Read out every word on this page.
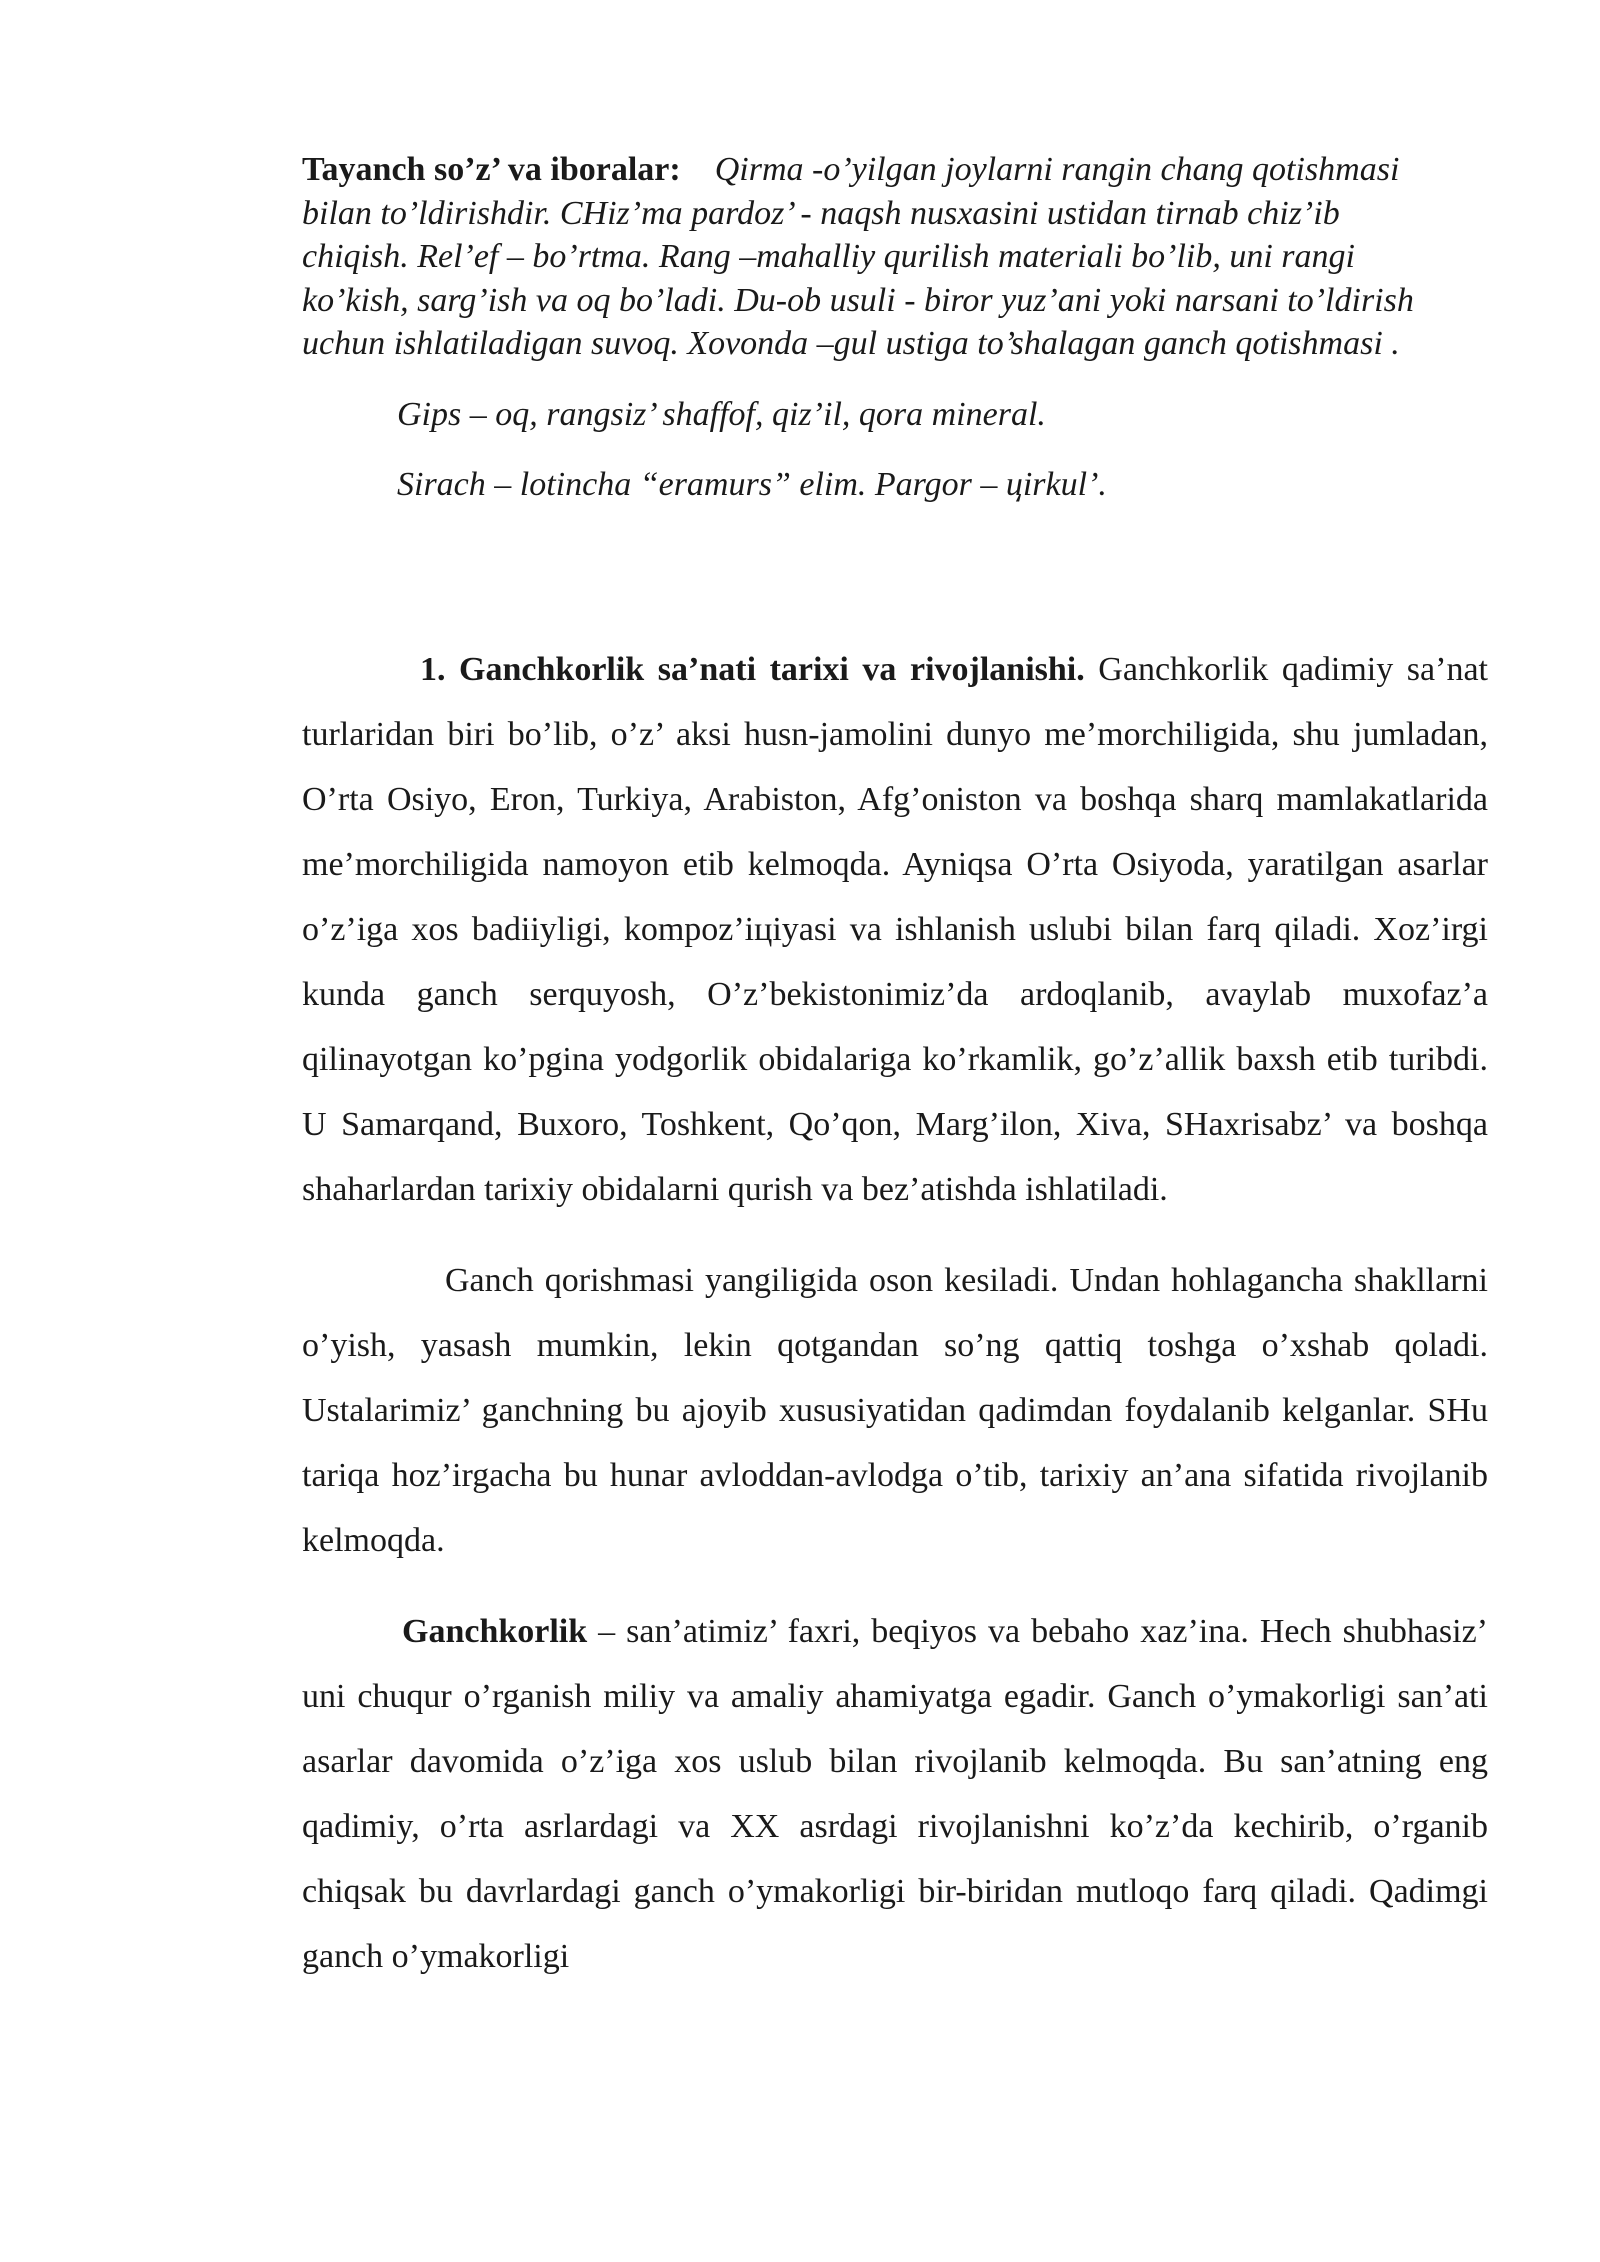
Tayanch so’z’ va iboralar: Qirma -o’yilgan joylarni rangin chang qotishmasi bilan to’ldirishdir. CHiz’ma pardoz’ - naqsh nusxasini ustidan tirnab chiz’ib chiqish. Rel’ef – bo’rtma. Rang –mahalliy qurilish materiali bo’lib, uni rangi ko’kish, sarg’ish va oq bo’ladi. Du-ob usuli - biror yuz’ani yoki narsani to’ldirish uchun ishlatiladigan suvoq. Xovonda –gul ustiga to’shalagan ganch qotishmasi .

Gips – oq, rangsiz’ shaffof, qiz’il, qora mineral.

Sirach – lotincha “eramurs” elim. Pargor – цirkul’.

1. Ganchkorlik sa’nati tarixi va rivojlanishi. Ganchkorlik qadimiy sa’nat turlaridan biri bo’lib, o’z’ aksi husn-jamolini dunyo me’morchiligida, shu jumladan, O’rta Osiyo, Eron, Turkiya, Arabiston, Afg’oniston va boshqa sharq mamlakatlarida me’morchiligida namoyon etib kelmoqda. Ayniqsa O’rta Osiyoda, yaratilgan asarlar o’z’iga xos badiiyligi, kompoz’iцiyasi va ishlanish uslubi bilan farq qiladi. Xoz’irgi kunda ganch serquyosh, O’z’bekistonimiz’da ardoqlanib, avaylab muxofaz’a qilinayotgan ko’pgina yodgorlik obidalariga ko’rkamlik, go’z’allik baxsh etib turibdi. U Samarqand, Buxoro, Toshkent, Qo’qon, Marg’ilon, Xiva, SHaxrisabz’ va boshqa shaharlardan tarixiy obidalarni qurish va bez’atishda ishlatiladi.

Ganch qorishmasi yangiligida oson kesiladi. Undan hohlagancha shakllarni o’yish, yasash mumkin, lekin qotgandan so’ng qattiq toshga o’xshab qoladi. Ustalarimiz’ ganchning bu ajoyib xususiyatidan qadimdan foydalanib kelganlar. SHu tariqa hoz’irgacha bu hunar avloddan-avlodga o’tib, tarixiy an’ana sifatida rivojlanib kelmoqda.

Ganchkorlik – san’atimiz’ faxri, beqiyos va bebaho xaz’ina. Hech shubhasiz’ uni chuqur o’rganish miliy va amaliy ahamiyatga egadir. Ganch o’ymakorligi san’ati asarlar davomida o’z’iga xos uslub bilan rivojlanib kelmoqda. Bu san’atning eng qadimiy, o’rta asrlardagi va XX asrdagi rivojlanishni ko’z’da kechirib, o’rganib chiqsak bu davrlardagi ganch o’ymakorligi bir-biridan mutloqo farq qiladi. Qadimgi ganch o’ymakorligi
